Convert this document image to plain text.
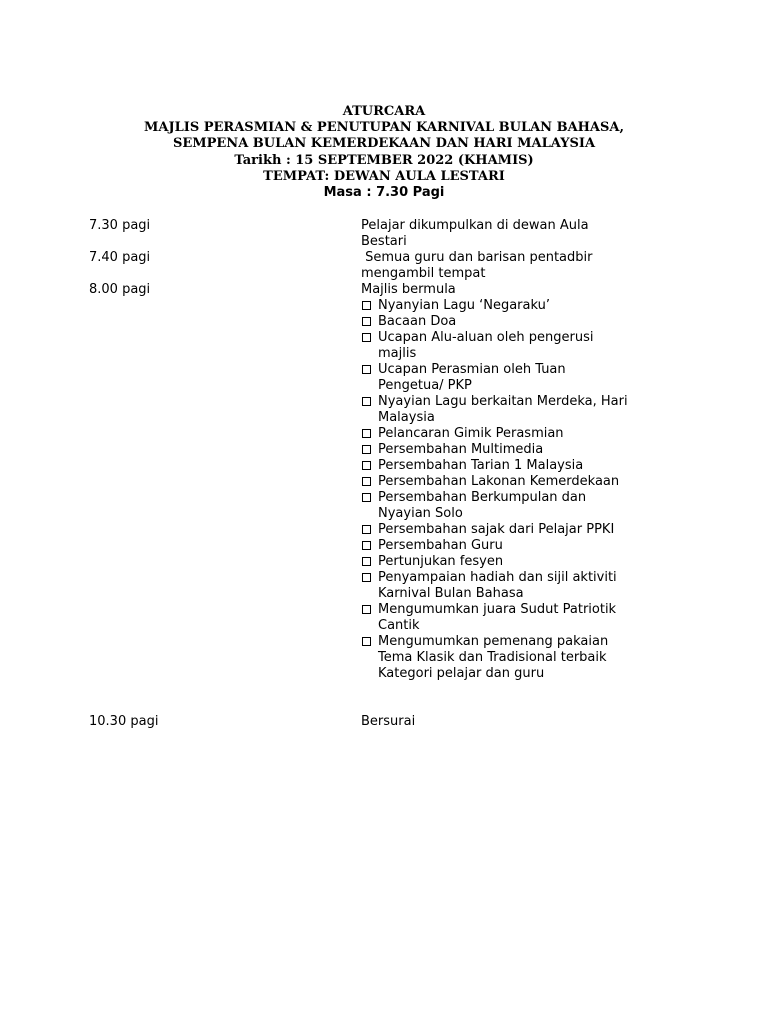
ATURCARA
MAJLIS PERASMIAN & PENUTUPAN KARNIVAL BULAN BAHASA,
SEMPENA BULAN KEMERDEKAAN DAN HARI MALAYSIA
Tarikh : 15 SEPTEMBER 2022 (KHAMIS)
TEMPAT: DEWAN AULA LESTARI
Masa : 7.30 Pagi
7.30 pagi	Pelajar dikumpulkan di dewan Aula Bestari
7.40 pagi	Semua guru dan barisan pentadbir mengambil tempat
8.00 pagi	Majlis bermula
Nyanyian Lagu ‘Negaraku’
Bacaan Doa
Ucapan Alu-aluan oleh pengerusi majlis
Ucapan Perasmian oleh Tuan Pengetua/ PKP
Nyayian Lagu berkaitan Merdeka, Hari Malaysia
Pelancaran Gimik Perasmian
Persembahan Multimedia
Persembahan Tarian 1 Malaysia
Persembahan Lakonan Kemerdekaan
Persembahan Berkumpulan dan Nyayian Solo
Persembahan sajak dari Pelajar PPKI
Persembahan Guru
Pertunjukan fesyen
Penyampaian hadiah dan sijil aktiviti Karnival Bulan Bahasa
Mengumumkan juara Sudut Patriotik Cantik
Mengumumkan pemenang pakaian Tema Klasik dan Tradisional terbaik Kategori pelajar dan guru
10.30 pagi	Bersurai
